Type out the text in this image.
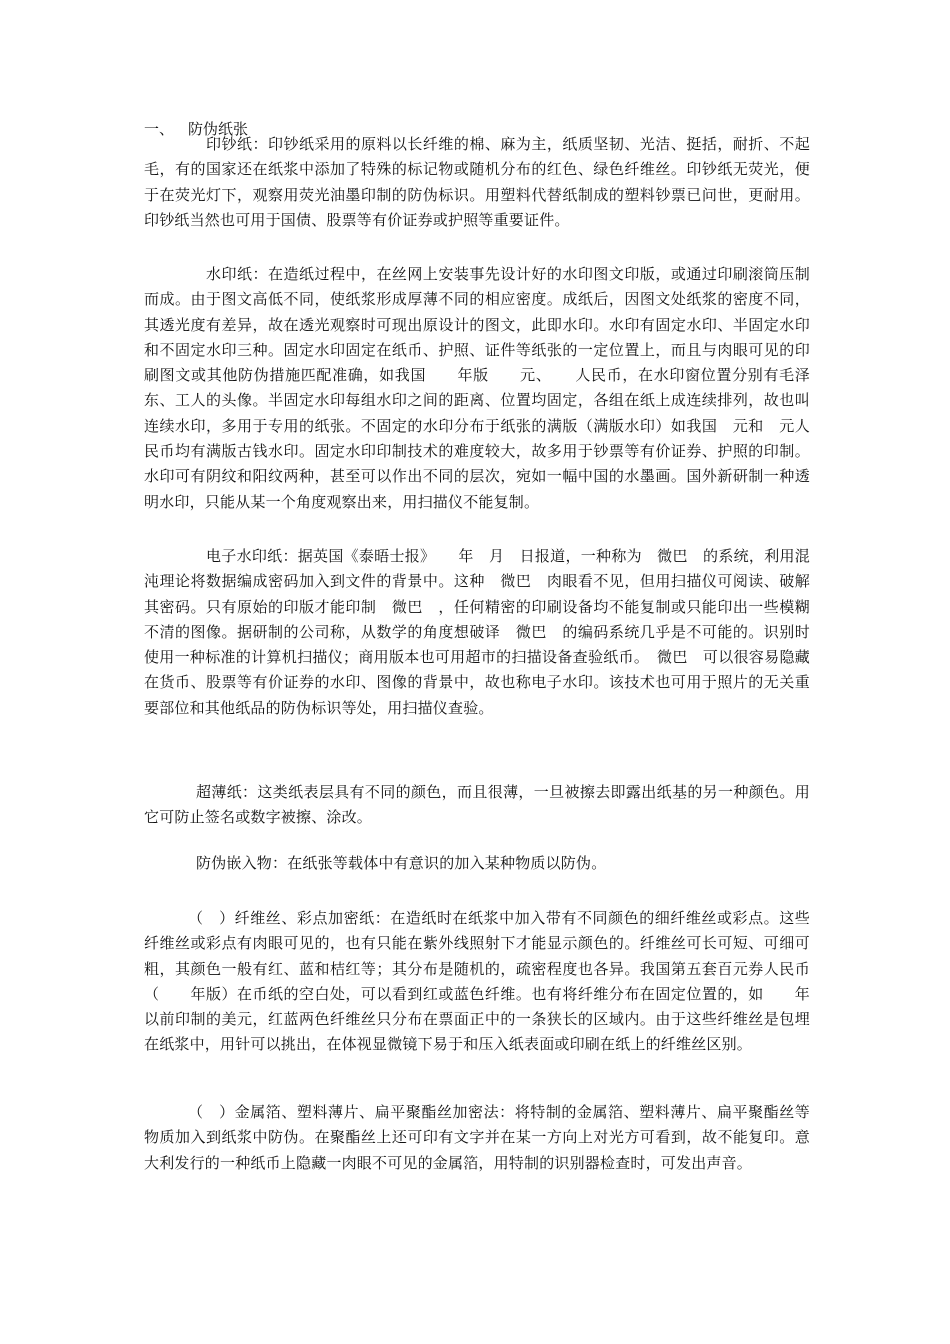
一、 防伪纸张

印钞纸：印钞纸采用的原料以长纤维的棉、麻为主，纸质坚韧、光洁、挺括，耐折、不起毛，有的国家还在纸浆中添加了特殊的标记物或随机分布的红色、绿色纤维丝。印钞纸无荧光，便于在荧光灯下，观察用荧光油墨印制的防伪标识。用塑料代替纸制成的塑料钞票已问世，更耐用。印钞纸当然也可用于国债、股票等有价证券或护照等重要证件。

水印纸：在造纸过程中，在丝网上安装事先设计好的水印图文印版，或通过印刷滚筒压制而成。由于图文高低不同，使纸浆形成厚薄不同的相应密度。成纸后，因图文处纸浆的密度不同，其透光度有差异，故在透光观察时可现出原设计的图文，此即水印。水印有固定水印、半固定水印和不固定水印三种。固定水印固定在纸币、护照、证件等纸张的一定位置上，而且与肉眼可见的印刷图文或其他防伪措施匹配准确，如我国　　年版　　元、　　人民币，在水印窗位置分别有毛泽东、工人的头像。半固定水印每组水印之间的距离、位置均固定，各组在纸上成连续排列，故也叫连续水印，多用于专用的纸张。不固定的水印分布于纸张的满版（满版水印）如我国　元和　元人民币均有满版古钱水印。固定水印印制技术的难度较大，故多用于钞票等有价证券、护照的印制。水印可有阴纹和阳纹两种，甚至可以作出不同的层次，宛如一幅中国的水墨画。国外新研制一种透明水印，只能从某一个角度观察出来，用扫描仪不能复制。

电子水印纸：据英国《泰晤士报》　　年　月　日报道，一种称为　微巴　的系统，利用混沌理论将数据编成密码加入到文件的背景中。这种　微巴　肉眼看不见，但用扫描仪可阅读、破解其密码。只有原始的印版才能印制　微巴　，任何精密的印刷设备均不能复制或只能印出一些模糊不清的图像。据研制的公司称，从数学的角度想破译　微巴　的编码系统几乎是不可能的。识别时使用一种标准的计算机扫描仪；商用版本也可用超市的扫描设备查验纸币。　微巴　可以很容易隐藏在货币、股票等有价证券的水印、图像的背景中，故也称电子水印。该技术也可用于照片的无关重要部位和其他纸品的防伪标识等处，用扫描仪查验。

超薄纸：这类纸表层具有不同的颜色，而且很薄，一旦被擦去即露出纸基的另一种颜色。用它可防止签名或数字被擦、涂改。

防伪嵌入物：在纸张等载体中有意识的加入某种物质以防伪。

（　）纤维丝、彩点加密纸：在造纸时在纸浆中加入带有不同颜色的细纤维丝或彩点。这些纤维丝或彩点有肉眼可见的，也有只能在紫外线照射下才能显示颜色的。纤维丝可长可短、可细可粗，其颜色一般有红、蓝和桔红等；其分布是随机的，疏密程度也各异。我国第五套百元券人民币（　　年版）在币纸的空白处，可以看到红或蓝色纤维。也有将纤维分布在固定位置的，如　　年以前印制的美元，红蓝两色纤维丝只分布在票面正中的一条狭长的区域内。由于这些纤维丝是包埋在纸浆中，用针可以挑出，在体视显微镜下易于和压入纸表面或印刷在纸上的纤维丝区别。

（　）金属箔、塑料薄片、扁平聚酯丝加密法：将特制的金属箔、塑料薄片、扁平聚酯丝等物质加入到纸浆中防伪。在聚酯丝上还可印有文字并在某一方向上对光方可看到，故不能复印。意大利发行的一种纸币上隐藏一肉眼不可见的金属箔，用特制的识别器检查时，可发出声音。
